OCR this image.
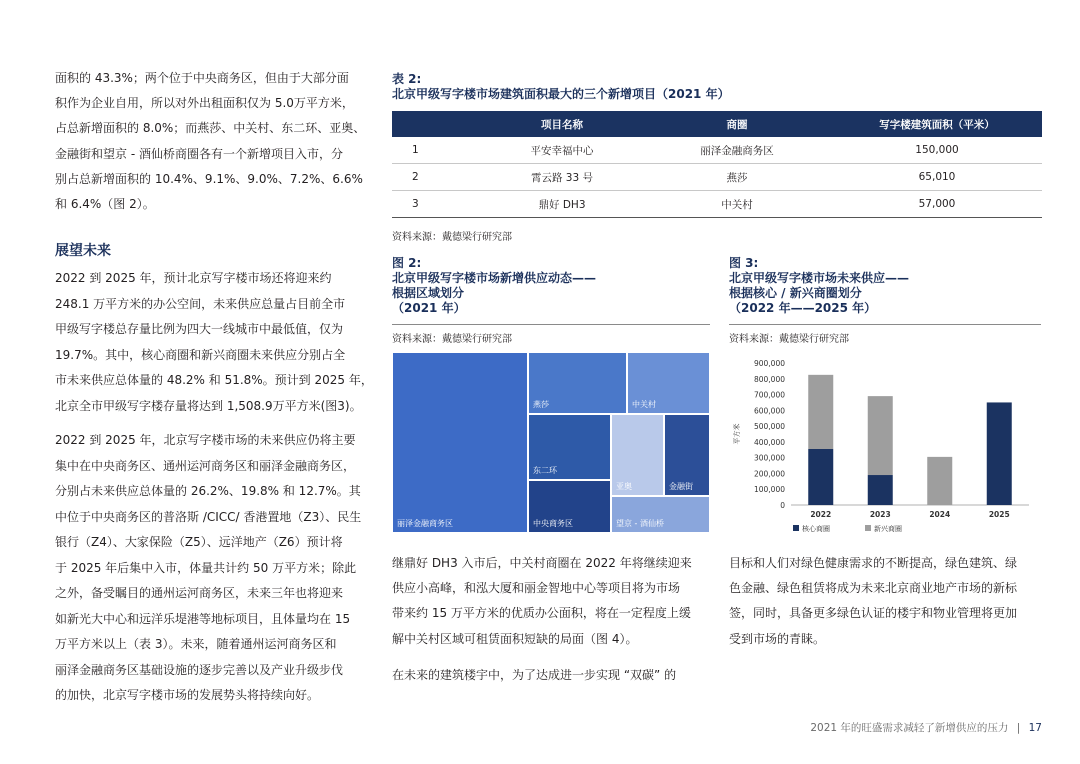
面积的 43.3%；两个位于中央商务区，但由于大部分面

积作为企业自用，所以对外出租面积仅为 5.0万平方米，

占总新增面积的 8.0%；而燕莎、中关村、东二环、亚奥、

金融街和望京 - 酒仙桥商圈各有一个新增项目入市，分

别占总新增面积的 10.4%、9.1%、9.0%、7.2%、6.6%

和 6.4%（图 2）。

展望未来

2022 到 2025 年，预计北京写字楼市场还将迎来约

248.1 万平方米的办公空间，未来供应总量占目前全市

甲级写字楼总存量比例为四大一线城市中最低值，仅为

19.7%。其中，核心商圈和新兴商圈未来供应分别占全

市未来供应总体量的 48.2% 和 51.8%。预计到 2025 年，

北京全市甲级写字楼存量将达到 1,508.9万平方米(图3)。

2022 到 2025 年，北京写字楼市场的未来供应仍将主要

集中在中央商务区、通州运河商务区和丽泽金融商务区，

分别占未来供应总体量的 26.2%、19.8% 和 12.7%。其

中位于中央商务区的普洛斯 /CICC/ 香港置地（Z3）、民生

银行（Z4）、大家保险（Z5）、远洋地产（Z6）预计将

于 2025 年后集中入市，体量共计约 50 万平方米；除此

之外，备受瞩目的通州运河商务区，未来三年也将迎来

如新光大中心和远洋乐堤港等地标项目，且体量均在 15

万平方米以上（表 3）。未来，随着通州运河商务区和

丽泽金融商务区基础设施的逐步完善以及产业升级步伐

的加快，北京写字楼市场的发展势头将持续向好。

表 2:
北京甲级写字楼市场建筑面积最大的三个新增项目（2021 年）
	项目名称	商圈	写字楼建筑面积（平米）
1	平安幸福中心	丽泽金融商务区	150,000
2	霄云路 33 号	燕莎	65,010
3	鼎好 DH3	中关村	57,000
资料来源：戴德梁行研究部
图 2:
北京甲级写字楼市场新增供应动态——
根据区域划分
（2021 年）
资料来源：戴德梁行研究部
丽泽金融商务区
燕莎	中关村
东二环
亚奥	金融街
中央商务区	望京 - 酒仙桥
图 3:
北京甲级写字楼市场未来供应——
根据核心 / 新兴商圈划分
（2022 年——2025 年）
资料来源：戴德梁行研究部
0
100,000
200,000
300,000
400,000
500,000
600,000
700,000
800,000
900,000
平方米
2022	2023	2024	2025
核心商圈	新兴商圈

继鼎好 DH3 入市后，中关村商圈在 2022 年将继续迎来

供应小高峰，和泓大厦和丽金智地中心等项目将为市场

带来约 15 万平方米的优质办公面积，将在一定程度上缓

解中关村区域可租赁面积短缺的局面（图 4）。

在未来的建筑楼宇中，为了达成进一步实现 “双碳” 的

目标和人们对绿色健康需求的不断提高，绿色建筑、绿

色金融、绿色租赁将成为未来北京商业地产市场的新标

签，同时，具备更多绿色认证的楼宇和物业管理将更加

受到市场的青睐。

2021 年的旺盛需求减轻了新增供应的压力 | 17
